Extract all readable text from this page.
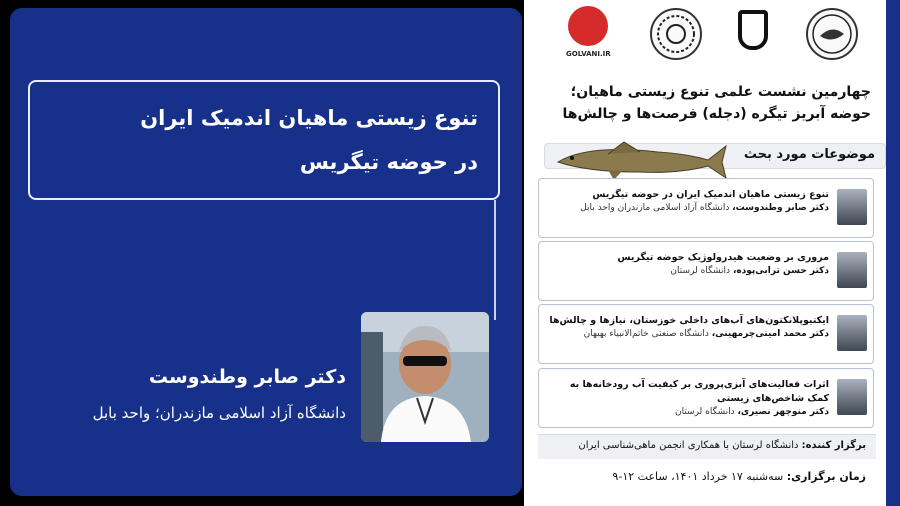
تنوع زیستی ماهیان اندمیک ایران
در حوضه تیگریس
دکتر صابر وطندوست
دانشگاه آزاد اسلامی مازندران؛ واحد بابل
GOLVANI.IR
چهارمین نشست علمی تنوع زیستی ماهیان؛
حوضه آبریز تیگره (دجله) فرصت‌ها و چالش‌ها
موضوعات مورد بحث
تنوع زیستی ماهیان اندمیک ایران در حوضه تیگریس
دکتر صابر وطندوست، دانشگاه آزاد اسلامی مازندران واحد بابل
مروری بر وضعیت هیدرولوژیک حوضه تیگریس
دکتر حسن ترابی‌پوده، دانشگاه لرستان
ایکتیوپلانکتون‌های آب‌های داخلی خوزستان، نیازها و چالش‌ها
دکتر محمد امینی‌چرمهینی، دانشگاه صنعتی خاتم‌الانبیاء بهبهان
اثرات فعالیت‌های آبزی‌پروری بر کیفیت آب رودخانه‌ها به
کمک شاخص‌های زیستی
دکتر منوچهر نصیری، دانشگاه لرستان
برگزار کننده: دانشگاه لرستان با همکاری انجمن ماهی‌شناسی ایران
زمان برگزاری: سه‌شنبه ۱۷ خرداد ۱۴۰۱، ساعت ۱۲-۹
